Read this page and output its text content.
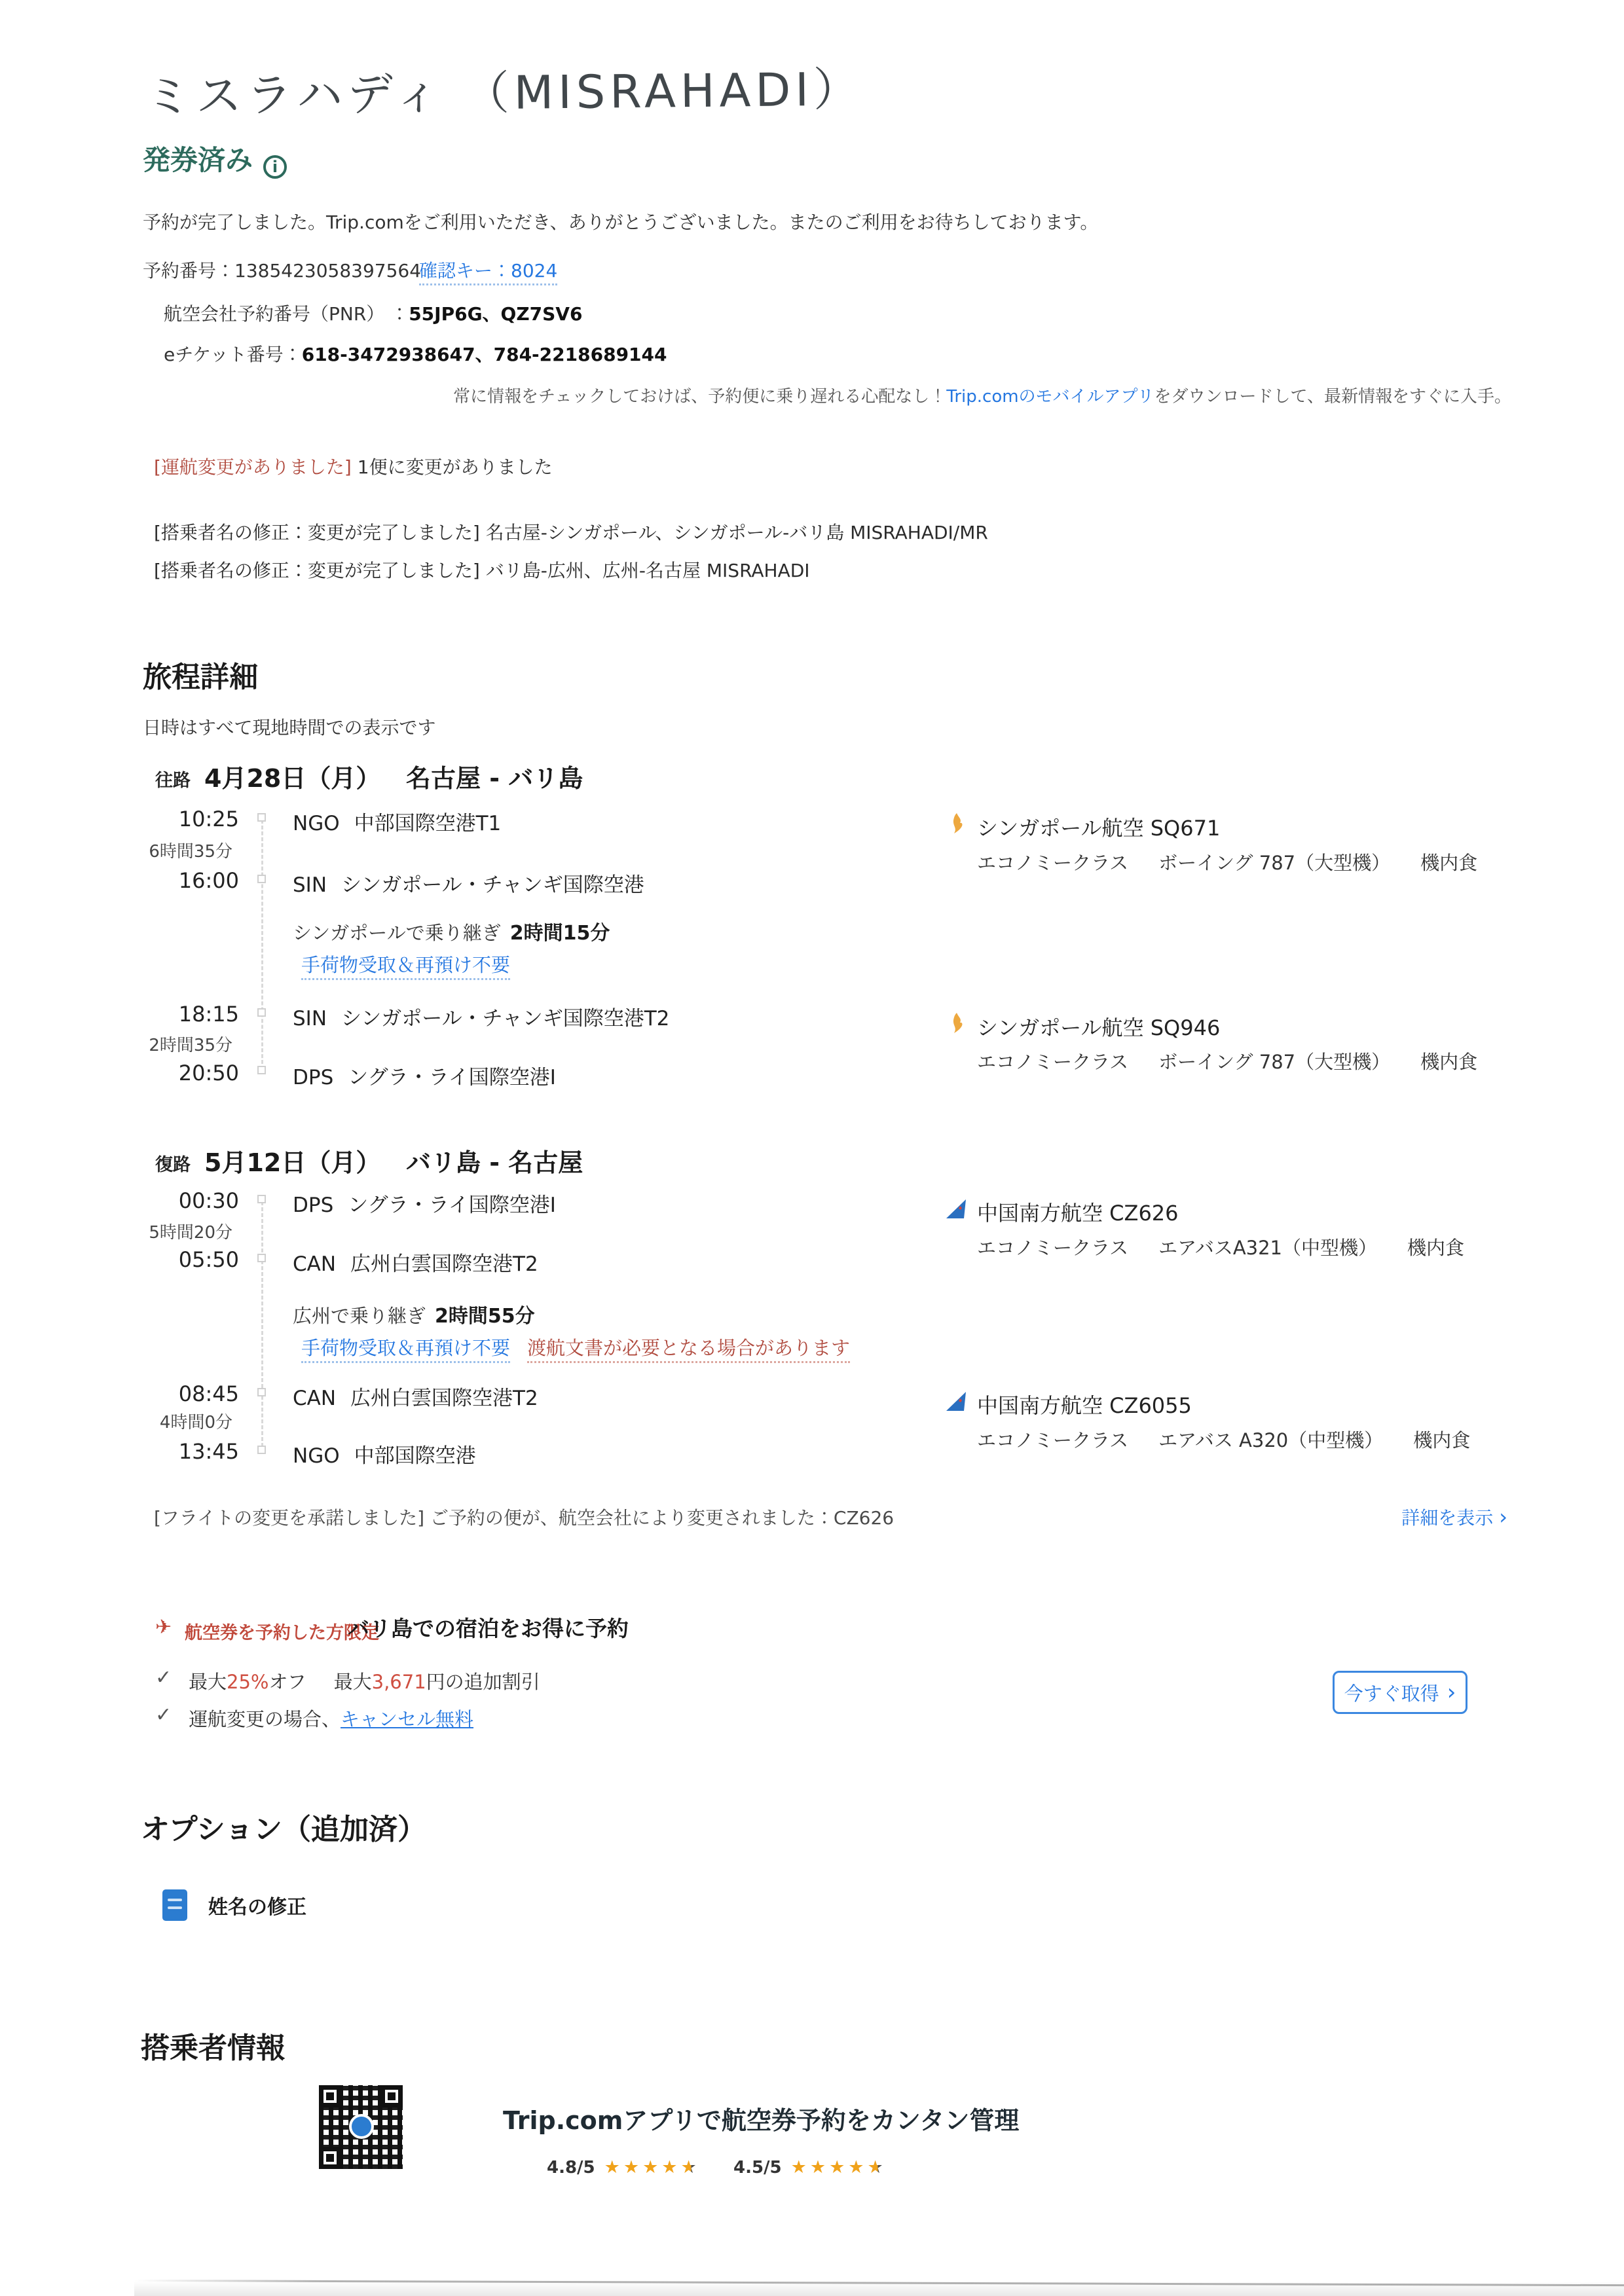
ミスラハディ （MISRAHADI）
発券済み i
予約が完了しました。Trip.comをご利用いただき、ありがとうございました。またのご利用をお待ちしております。
予約番号：1385423058397564
確認キー：8024
航空会社予約番号（PNR） ：55JP6G、QZ7SV6
eチケット番号：618-3472938647、784-2218689144
常に情報をチェックしておけば、予約便に乗り遅れる心配なし！Trip.comのモバイルアプリをダウンロードして、最新情報をすぐに入手。
[運航変更がありました] 1便に変更がありました
[搭乗者名の修正：変更が完了しました] 名古屋-シンガポール、シンガポール-バリ島 MISRAHADI/MR
[搭乗者名の修正：変更が完了しました] バリ島-広州、広州-名古屋 MISRAHADI
旅程詳細
日時はすべて現地時間での表示です
往路 4月28日（月） 名古屋 - バリ島
10:25	NGO 中部国際空港T1
6時間35分
16:00	SIN シンガポール・チャンギ国際空港
シンガポール航空 SQ671
エコノミークラス ボーイング 787（大型機） 機内食
シンガポールで乗り継ぎ 2時間15分
手荷物受取＆再預け不要
18:15	SIN シンガポール・チャンギ国際空港T2
2時間35分
20:50	DPS ングラ・ライ国際空港I
シンガポール航空 SQ946
エコノミークラス ボーイング 787（大型機） 機内食
復路 5月12日（月） バリ島 - 名古屋
00:30	DPS ングラ・ライ国際空港I
5時間20分
05:50	CAN 広州白雲国際空港T2
中国南方航空 CZ626
エコノミークラス エアバスA321（中型機） 機内食
広州で乗り継ぎ 2時間55分
手荷物受取＆再預け不要 渡航文書が必要となる場合があります
08:45	CAN 広州白雲国際空港T2
4時間0分
13:45	NGO 中部国際空港
中国南方航空 CZ6055
エコノミークラス エアバス A320（中型機） 機内食
[フライトの変更を承諾しました] ご予約の便が、航空会社により変更されました：CZ626	詳細を表示 ›
✈ 航空券を予約した方限定
バリ島での宿泊をお得に予約
✓ 最大25%オフ 最大3,671円の追加割引
✓ 運航変更の場合、キャンセル無料
今すぐ取得 ›
オプション（追加済）
姓名の修正
搭乗者情報
Trip.comアプリで航空券予約をカンタン管理
4.8/5 ★★★★★ 4.5/5 ★★★★★
